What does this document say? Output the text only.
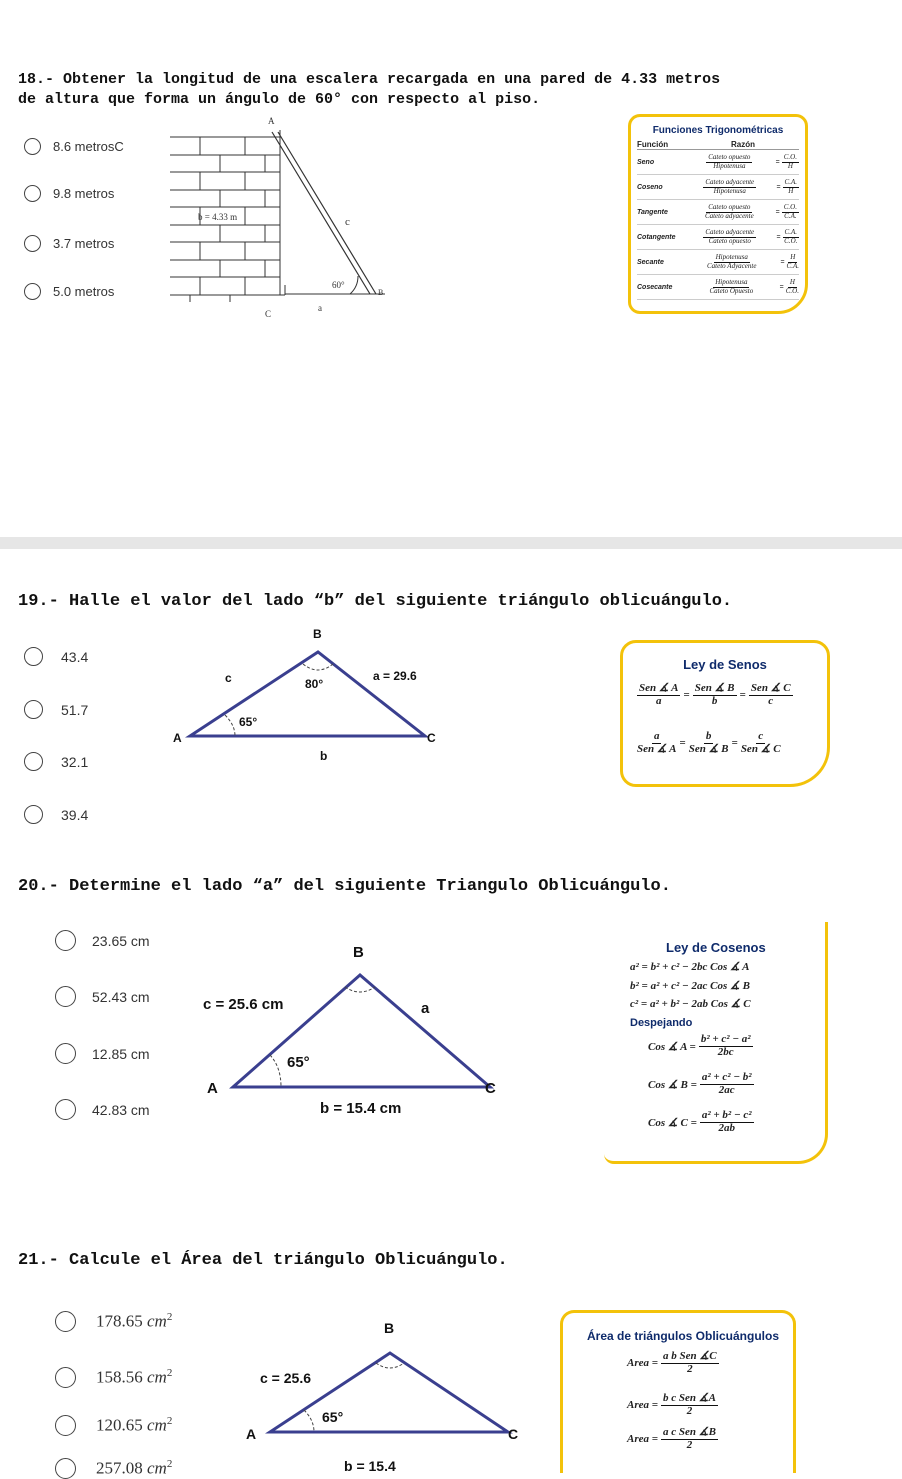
18.- Obtener la longitud de una escalera recargada en una pared de 4.33 metros
de altura que forma un ángulo de 60° con respecto al piso.
8.6 metrosC
9.8 metros
3.7 metros
5.0 metros
A
b = 4.33 m	c
60°
B
C
a
Funciones Trigonométricas
Función	Razón
Seno	$\frac{\text{Cateto opuesto}}{\text{Hipotenusa}} = \frac{C.O.}{H}$
Coseno	$\frac{\text{Cateto adyacente}}{\text{Hipotenusa}} = \frac{C.A.}{H}$
Tangente	$\frac{\text{Cateto opuesto}}{\text{Cateto adyacente}} = \frac{C.O.}{C.A.}$
Cotangente	$\frac{\text{Cateto adyacente}}{\text{Cateto opuesto}} = \frac{C.A.}{C.O.}$
Secante	$\frac{\text{Hipotenusa}}{\text{Cateto Adyacente}} = \frac{H}{C.A.}$
Cosecante	$\frac{\text{Hipotenusa}}{\text{Cateto Opuesto}} = \frac{H}{C.O.}$
19.- Halle el valor del lado “b” del siguiente triángulo oblicuángulo.
43.4
51.7
32.1
39.4
B
c	80°
a = 29.6
65°
A	C
b
Ley de Senos
$\frac{\text{Sen ∡ A}}{a} = \frac{\text{Sen ∡ B}}{b} = \frac{\text{Sen ∡ C}}{c}$
$\frac{a}{\text{Sen ∡ A}} = \frac{b}{\text{Sen ∡ B}} = \frac{c}{\text{Sen ∡ C}}$
20.- Determine el lado “a” del siguiente Triangulo Oblicuángulo.
23.65 cm
52.43 cm
12.85 cm
42.83 cm
B
c = 25.6 cm	a
65°
A	C
b = 15.4 cm
Ley de Cosenos
a² = b² + c² − 2bc Cos ∡ A
b² = a² + c² − 2ac Cos ∡ B
c² = a² + b² − 2ab Cos ∡ C
Despejando
Cos ∡ $A = \frac{\text{b² + c² − a²}}{2bc}$
Cos ∡ $B = \frac{\text{a² + c² − b²}}{2ac}$
Cos ∡ $C = \frac{\text{a² + b² − c²}}{2ab}$
21.- Calcule el Área del triángulo Oblicuángulo.
178.65 $cm^2$
158.56 $cm^2$
120.65 $cm^2$
257.08 $cm^2$
B
c = 25.6
65°
A	C
b = 15.4
Área de triángulos Oblicuángulos
Area = $\frac{\text{a b Sen ∡C}}{2}$
Area = $\frac{\text{b c Sen ∡A}}{2}$
Area = $\frac{\text{a c Sen ∡B}}{2}$
